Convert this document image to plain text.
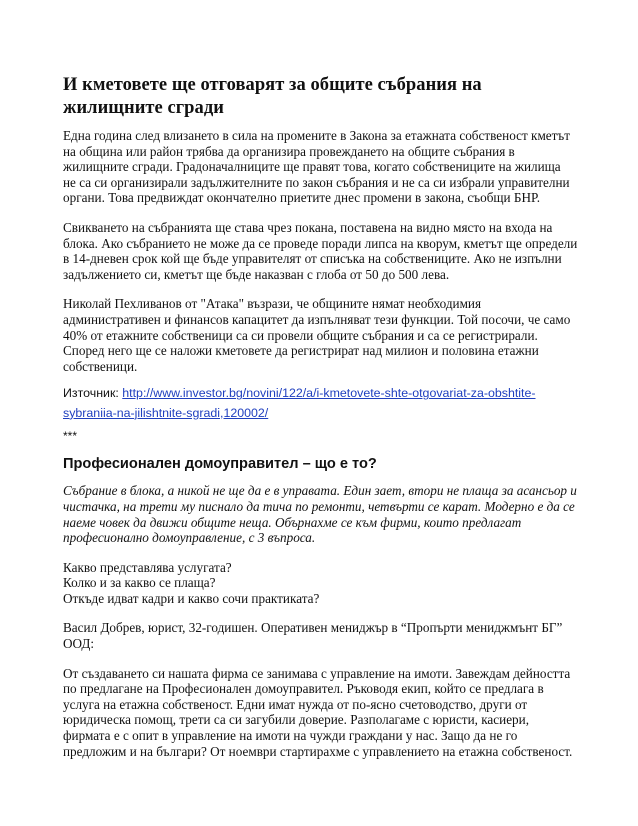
И кметовете ще отговарят за общите събрания на
жилищните сгради

Една година след влизането в сила на промените в Закона за етажната собственост кметът
на община или район трябва да организира провеждането на общите събрания в
жилищните сгради. Градоначалниците ще правят това, когато собствениците на жилища
не са си организирали задължителните по закон събрания и не са си избрали управителни
органи. Това предвиждат окончателно приетите днес промени в закона, съобщи БНР.

Свикването на събранията ще става чрез покана, поставена на видно място на входа на
блока. Ако събранието не може да се проведе поради липса на кворум, кметът ще определи
в 14-дневен срок кой ще бъде управителят от списъка на собствениците. Ако не изпълни
задължението си, кметът ще бъде наказван с глоба от 50 до 500 лева.

Николай Пехливанов от "Атака" възрази, че общините нямат необходимия
административен и финансов капацитет да изпълняват тези функции. Той посочи, че само
40% от етажните собственици са си провели общите събрания и са се регистрирали.
Според него ще се наложи кметовете да регистрират над милион и половина етажни
собственици.

Източник: http://www.investor.bg/novini/122/a/i-kmetovete-shte-otgovariat-za-obshtite-
sybraniia-na-jilishtnite-sgradi,120002/
***
Професионален домоуправител – що е то?

Събрание в блока, а никой не ще да е в управата. Един зает, втори не плаща за асансьор и
чистачка, на трети му писнало да тича по ремонти, четвърти се карат. Модерно е да се
наеме човек да движи общите неща. Обърнахме се към фирми, които предлагат
професионално домоуправление, с 3 въпроса.

Какво представлява услугата?
Колко и за какво се плаща?
Откъде идват кадри и какво сочи практиката?

Васил Добрев, юрист, 32-годишен. Оперативен мениджър в “Пропърти мениджмънт БГ”
ООД:

От създаването си нашата фирма се занимава с управление на имоти. Завеждам дейността
по предлагане на Професионален домоуправител. Ръководя екип, който се предлага в
услуга на етажна собственост. Едни имат нужда от по-ясно счетоводство, други от
юридическа помощ, трети са си загубили доверие. Разполагаме с юристи, касиери,
фирмата е с опит в управление на имоти на чужди граждани у нас. Защо да не го
предложим и на българи? От ноември стартирахме с управлението на етажна собственост.
